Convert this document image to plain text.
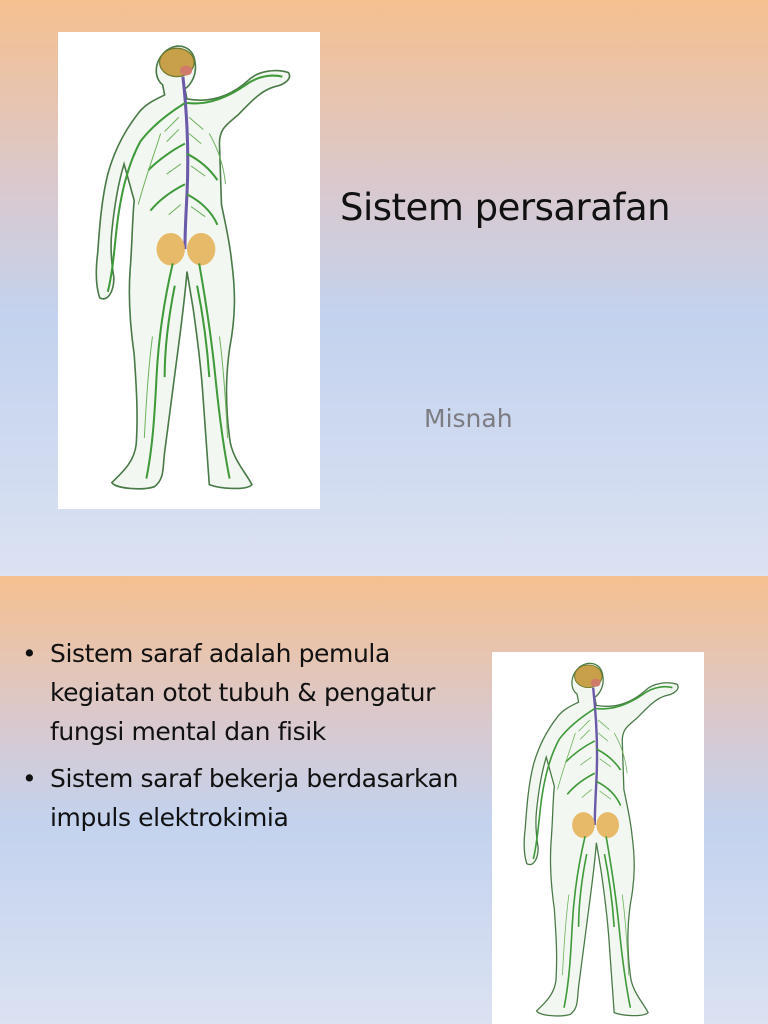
Sistem persarafan
Misnah
• Sistem saraf adalah pemula kegiatan otot tubuh & pengatur fungsi mental dan fisik
• Sistem saraf bekerja berdasarkan impuls elektrokimia
